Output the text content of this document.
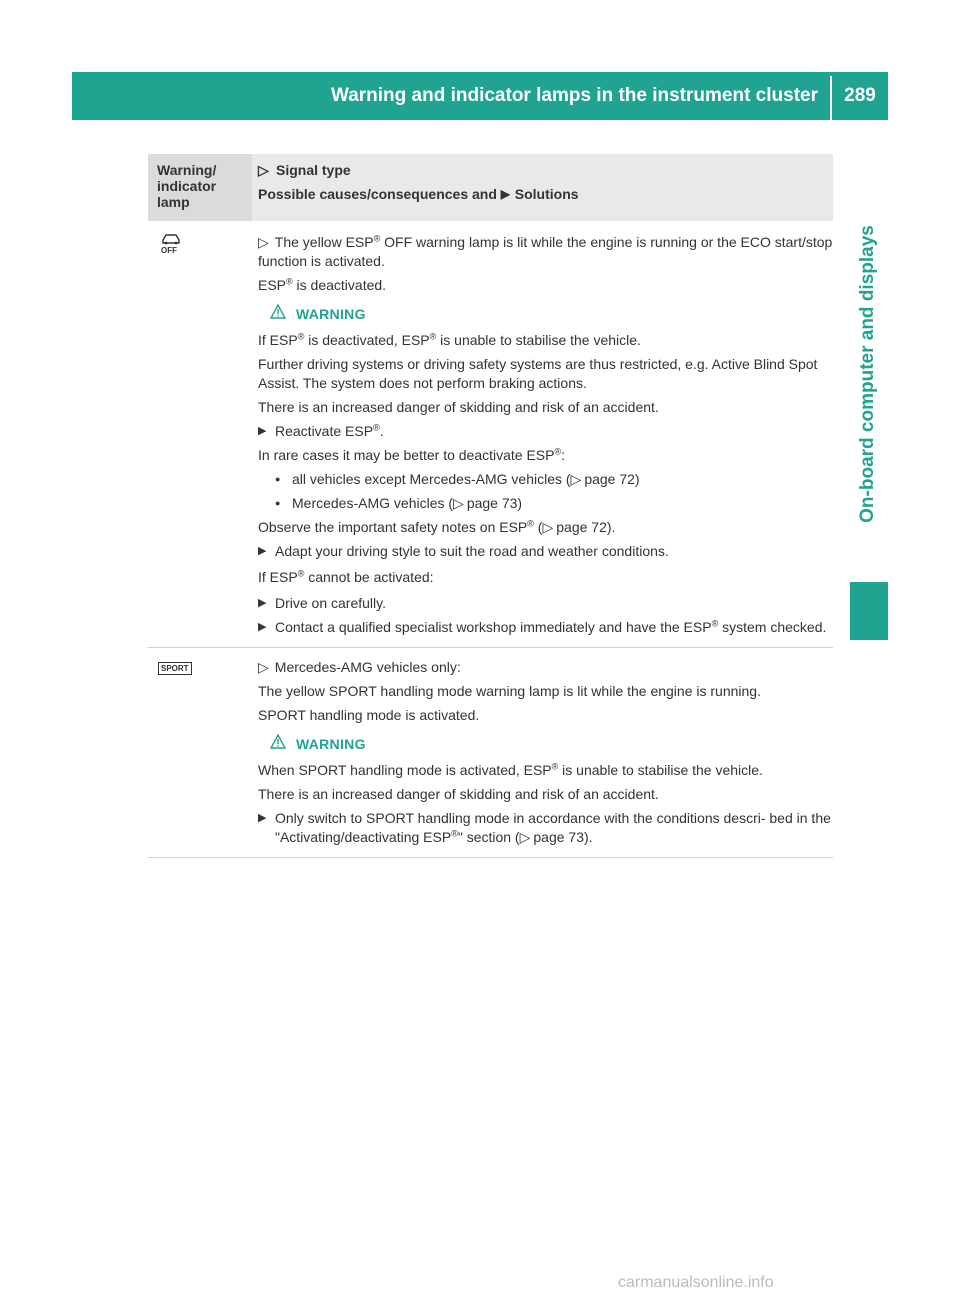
Warning and indicator lamps in the instrument cluster	289
On-board computer and displays
Warning/
indicator
lamp
▷ Signal type
Possible causes/consequences and
▶ Solutions
OFF

▷ The yellow ESP® OFF warning lamp is lit while the engine is running or the ECO start/stop function is activated.

ESP® is deactivated.

WARNING

If ESP® is deactivated, ESP® is unable to stabilise the vehicle.

Further driving systems or driving safety systems are thus restricted, e.g. Active Blind Spot Assist. The system does not perform braking actions.

There is an increased danger of skidding and risk of an accident.

▶ Reactivate ESP®.

In rare cases it may be better to deactivate ESP®:

● all vehicles except Mercedes-AMG vehicles (▷ page 72)
● Mercedes-AMG vehicles (▷ page 73)

Observe the important safety notes on ESP® (▷ page 72).

▶ Adapt your driving style to suit the road and weather conditions.

If ESP® cannot be activated:

▶ Drive on carefully.
▶ Contact a qualified specialist workshop immediately and have the ESP® system checked.
SPORT	▷ Mercedes-AMG vehicles only:

The yellow SPORT handling mode warning lamp is lit while the engine is running.

SPORT handling mode is activated.

WARNING

When SPORT handling mode is activated, ESP® is unable to stabilise the vehicle.

There is an increased danger of skidding and risk of an accident.

▶ Only switch to SPORT handling mode in accordance with the conditions descri- bed in the "Activating/deactivating ESP®" section (▷ page 73).
carmanualsonline.info
